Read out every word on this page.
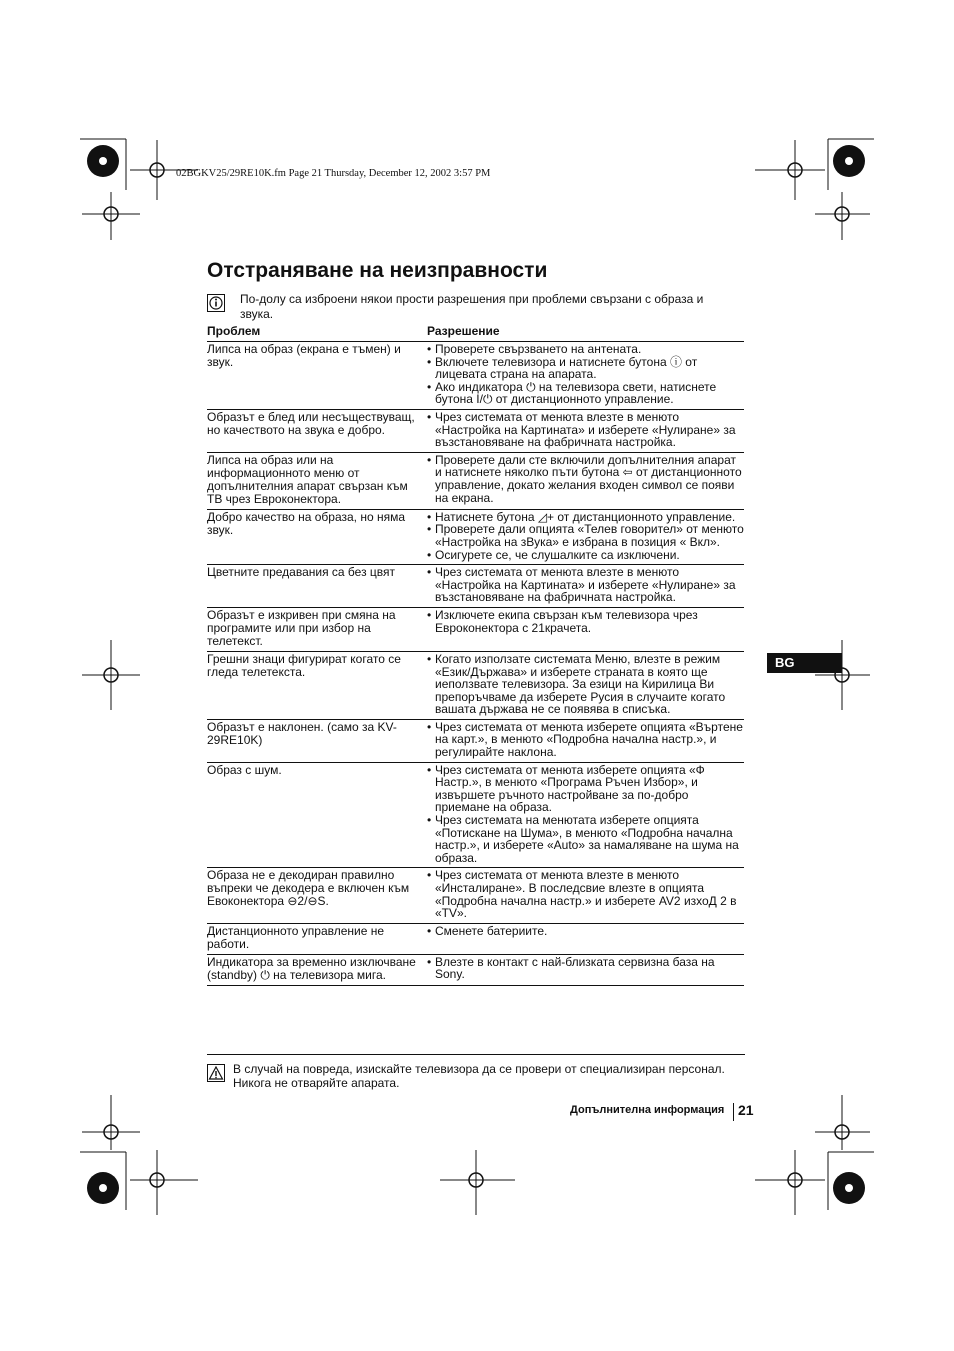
02BGKV25/29RE10K.fm Page 21 Thursday, December 12, 2002 3:57 PM
Отстраняване на неизправности
По-долу са изброени някои прости разрешения при проблеми свързани с образа и звука.
Проблем	Разрешение
Липса на образ (екрана е тъмен) и звук.
• Проверете свързването на антената.
• Включете телевизора и натиснете бутона ⓘ от лицевата страна на апарата.
• Ако индикатора ⏻ на телевизора свети, натиснете бутона I/⏻ от дистанционното управление.
Образът е блед или несъществуващ, но качеството на звука е добро.
• Чрез системата от менюта влезте в менюто «Настройка на Картината» и изберете «Нулиране» за възстановяване на фабричната настройка.
Липса на образ или на информационното меню от допълнителния апарат свързан към ТВ чрез Евроконектора.
• Проверете дали сте включили допълнителния апарат и натиснете няколко пъти бутона ⇦ от дистанционното управление, докато желания входен символ се появи на екрана.
Добро качество на образа, но няма звук.
• Натиснете бутона ◿+ от дистанционното управление.
• Проверете дали опцията «Телев говорител» от менюто «Настройка на зВука» е избрана в позиция « Вкл».
• Осигурете се, че слушалките са изключени.
Цветните предавания са без цвят	• Чрез системата от менюта влезте в менюто «Настройка на Картината» и изберете «Нулиране» за възстановяване на фабричната настройка.
Образът е изкривен при смяна на програмите или при избор на телетекст.
• Изключете екипа свързан към телевизора чрез Евроконектора с 21крачета.
Грешни знаци фигурират когато се гледа телетекста.
• Когато използате системата Меню, влезте в режим «Език/Държава» и изберете страната в която ще иеползвате телевизора. За езици на Кирилица Ви препоръчваме да изберете Русия в случаите когато вашата държава не се появява в списъка.
Образът е наклонен. (само за KV-29RE10K)
• Чрез системата от менюта изберете опцията «Въртене на карт.», в менюто «Подробна начална настр.», и регулирайте наклона.
Образ с шум.	• Чрез системата от менюта изберете опцията «Ф Настр.», в менюто «Програма Ръчен Избор», и извършете ръчното настройване за по-добро приемане на образа.
• Чрез системата на менютата изберете опцията «Потискане на Шума», в менюто «Подробна начална настр.», и изберете «Auto» за намаляване на шума на образа.
Образа не е декодиран правилно въпреки че декодера е включен към Евоконектора ⊖2/⊖S.
• Чрез системата от менюта влезте в менюто «Инсталиране». В последсвие влезте в опцията «Подробна начална настр.» и изберете AV2 изхоД 2 в «TV».
Дистанционното управление не работи.
• Сменете батериите.
Индикатора за временно изключване (standby) ⏻ на телевизора мига.
• Влезте в контакт с най-близката сервизна база на Sony.
В случай на повреда, изискайте телевизора да се провери от специализиран персонал. Никога не отваряйте апарата.
Допълнителна информация 21
BG
